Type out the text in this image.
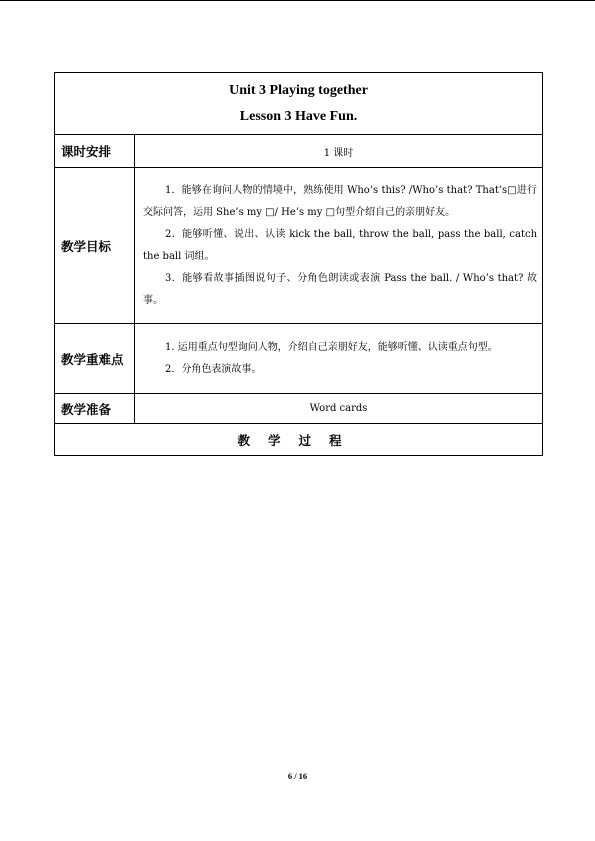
Unit 3 Playing together
Lesson 3 Have Fun.	

课时安排	1 课时
教学目标	1．能够在询问人物的情境中，熟练使用 Who’s this? /Who’s that? That’s□进行交际问答，运用 She’s my □/ He’s my □句型介绍自己的亲朋好友。

2．能够听懂、说出、认读 kick the ball, throw the ball, pass the ball, catch the ball 词组。

3．能够看故事插图说句子、分角色朗读或表演 Pass the ball. / Who’s that? 故事。

教学重难点	1. 运用重点句型询问人物，介绍自己亲朋好友，能够听懂、认读重点句型。

2．分角色表演故事。

教学准备	Word cards
教学过程	
6 / 16
